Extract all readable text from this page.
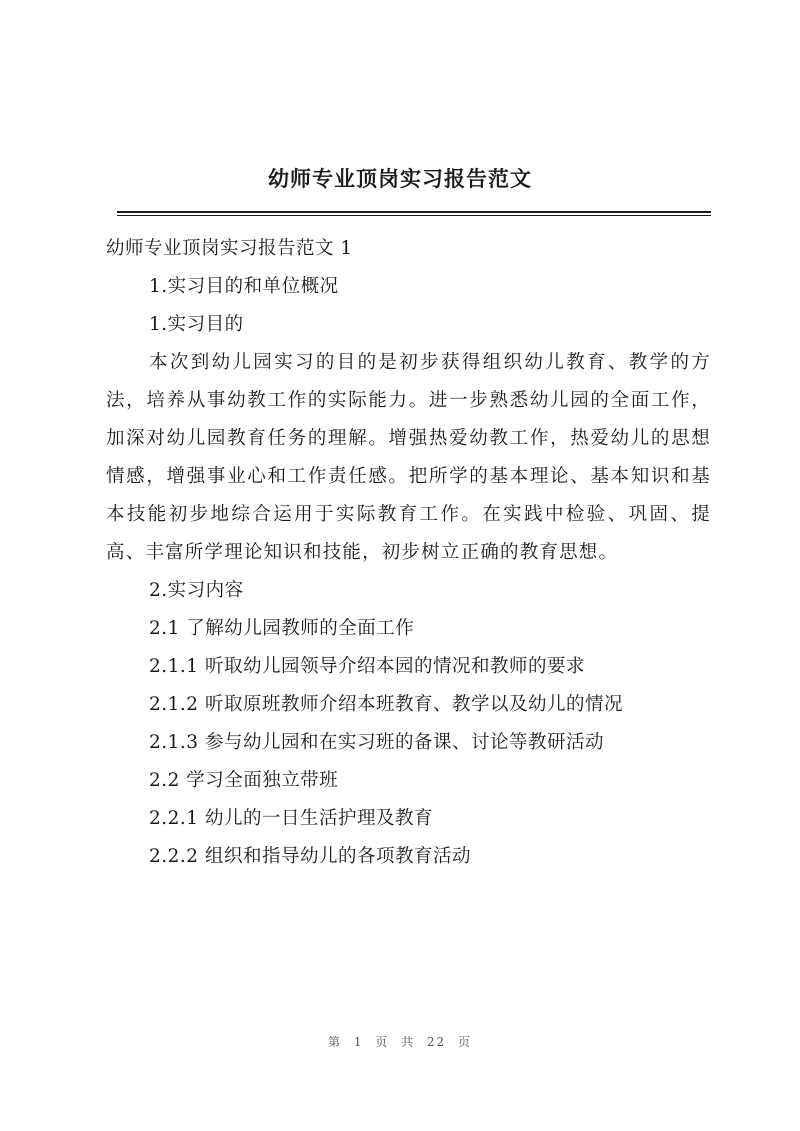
幼师专业顶岗实习报告范文

幼师专业顶岗实习报告范文 1

1.实习目的和单位概况

1.实习目的

本次到幼儿园实习的目的是初步获得组织幼儿教育、教学的方法，培养从事幼教工作的实际能力。进一步熟悉幼儿园的全面工作，加深对幼儿园教育任务的理解。增强热爱幼教工作，热爱幼儿的思想情感，增强事业心和工作责任感。把所学的基本理论、基本知识和基本技能初步地综合运用于实际教育工作。在实践中检验、巩固、提高、丰富所学理论知识和技能，初步树立正确的教育思想。

2.实习内容

2.1 了解幼儿园教师的全面工作

2.1.1 听取幼儿园领导介绍本园的情况和教师的要求

2.1.2 听取原班教师介绍本班教育、教学以及幼儿的情况

2.1.3 参与幼儿园和在实习班的备课、讨论等教研活动

2.2 学习全面独立带班

2.2.1 幼儿的一日生活护理及教育

2.2.2 组织和指导幼儿的各项教育活动

第 1 页 共 22 页
